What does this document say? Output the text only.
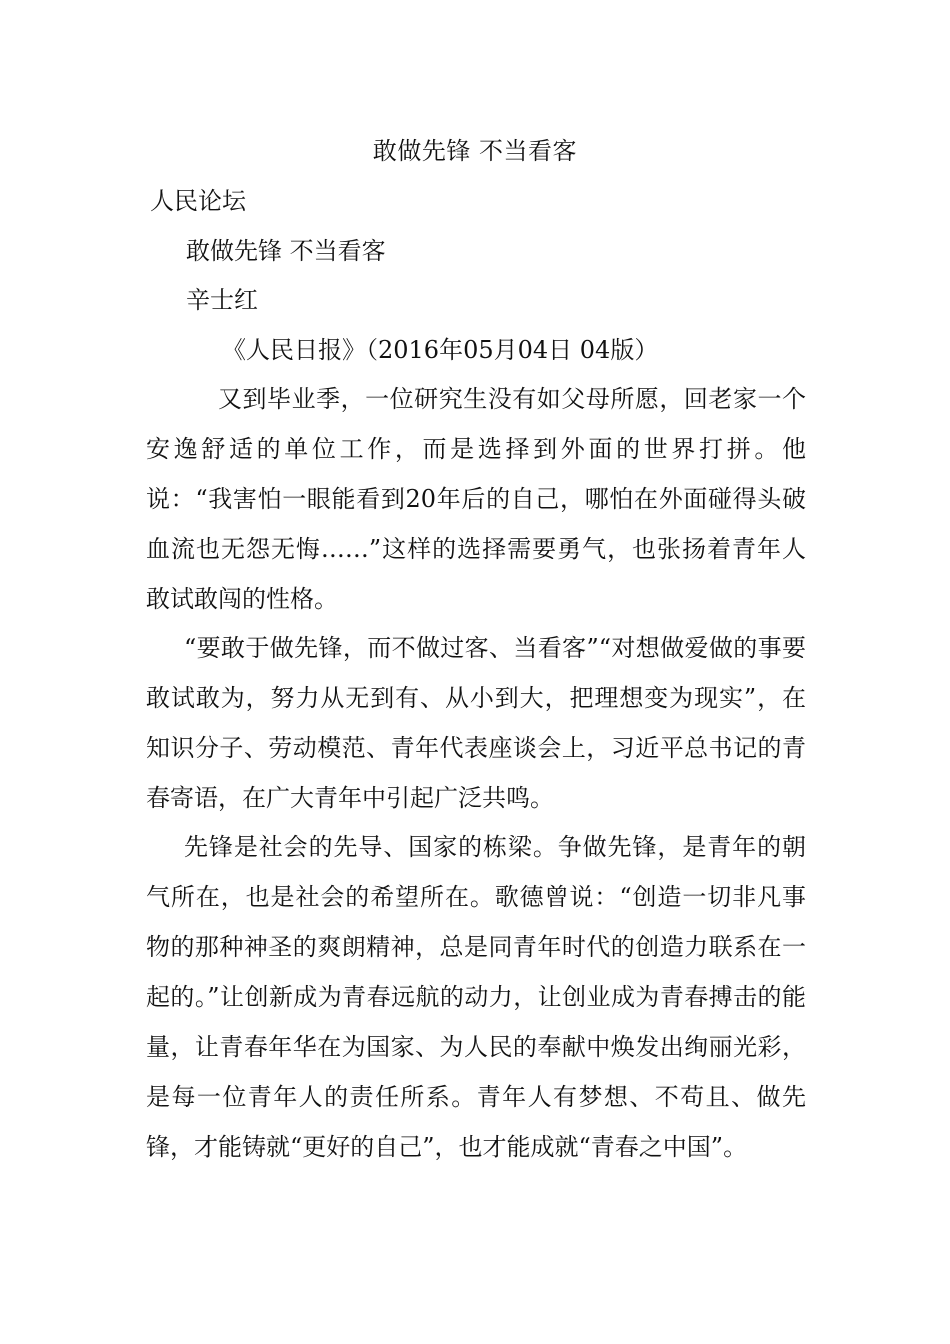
敢做先锋 不当看客
人民论坛
敢做先锋 不当看客
辛士红
《人民日报》（2016年05月04日 04版）
又到毕业季，一位研究生没有如父母所愿，回老家一个安逸舒适的单位工作，而是选择到外面的世界打拼。他说：“我害怕一眼能看到20年后的自己，哪怕在外面碰得头破血流也无怨无悔……”这样的选择需要勇气，也张扬着青年人敢试敢闯的性格。
“要敢于做先锋，而不做过客、当看客”“对想做爱做的事要敢试敢为，努力从无到有、从小到大，把理想变为现实”，在知识分子、劳动模范、青年代表座谈会上，习近平总书记的青春寄语，在广大青年中引起广泛共鸣。
先锋是社会的先导、国家的栋梁。争做先锋，是青年的朝气所在，也是社会的希望所在。歌德曾说：“创造一切非凡事物的那种神圣的爽朗精神，总是同青年时代的创造力联系在一起的。”让创新成为青春远航的动力，让创业成为青春搏击的能量，让青春年华在为国家、为人民的奉献中焕发出绚丽光彩，是每一位青年人的责任所系。青年人有梦想、不苟且、做先锋，才能铸就“更好的自己”，也才能成就“青春之中国”。
